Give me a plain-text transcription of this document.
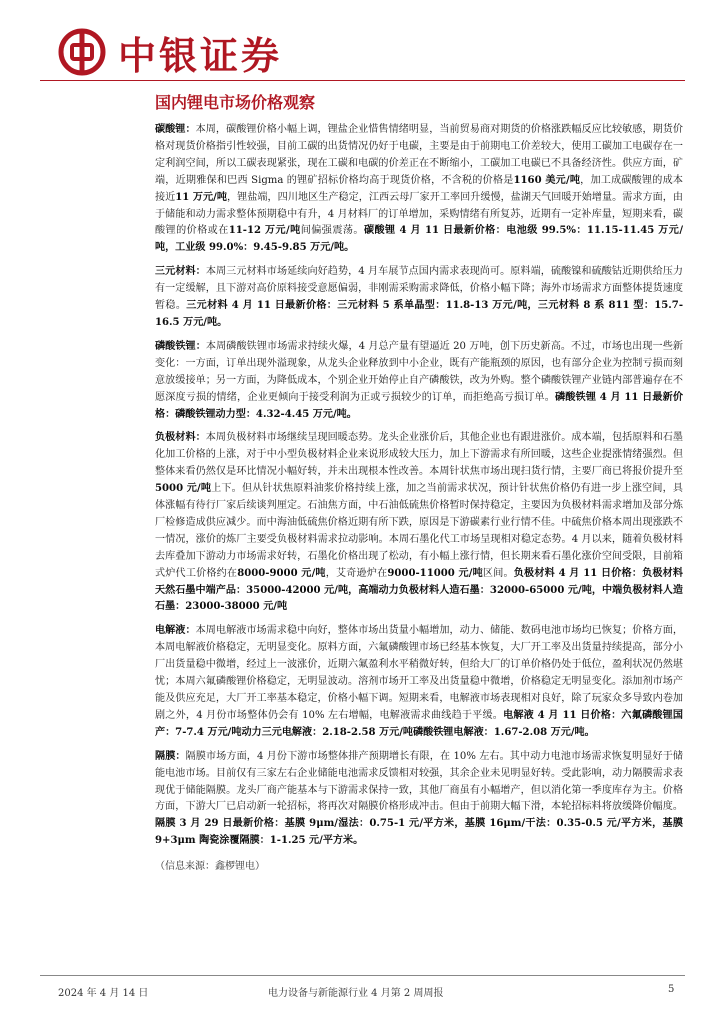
中银证券
国内锂电市场价格观察

碳酸锂：本周，碳酸锂价格小幅上调，锂盐企业惜售情绪明显，当前贸易商对期货的价格涨跌幅反应比较敏感，期货价格对现货价格指引性较强，目前工碳的出货情况仍好于电碳，主要是由于前期电工价差较大，使用工碳加工电碳存在一定利润空间，所以工碳表现紧张，现在工碳和电碳的价差正在不断缩小，工碳加工电碳已不具备经济性。供应方面，矿端，近期雅保和巴西 Sigma 的锂矿招标价格均高于现货价格，不含税的价格是1160 美元/吨，加工成碳酸锂的成本接近11 万元/吨，锂盐端，四川地区生产稳定，江西云母厂家开工率回升缓慢，盐湖天气回暖开始增量。需求方面，由于储能和动力需求整体预期稳中有升，4 月材料厂的订单增加，采购情绪有所复苏，近期有一定补库量，短期来看，碳酸锂的价格或在11-12 万元/吨间偏强震荡。碳酸锂 4 月 11 日最新价格：电池级 99.5%：11.15-11.45 万元/吨，工业级 99.0%：9.45-9.85 万元/吨。

三元材料：本周三元材料市场延续向好趋势，4 月车展节点国内需求表现尚可。原料端，硫酸镍和硫酸钴近期供给压力有一定缓解，且下游对高价原料接受意愿偏弱，非刚需采购需求降低，价格小幅下降；海外市场需求方面整体提货速度暂稳。三元材料 4 月 11 日最新价格：三元材料 5 系单晶型：11.8-13 万元/吨，三元材料 8 系 811 型：15.7-16.5 万元/吨。

磷酸铁锂：本周磷酸铁锂市场需求持续火爆，4 月总产量有望逼近 20 万吨，创下历史新高。不过，市场也出现一些新变化：一方面，订单出现外溢现象，从龙头企业释放到中小企业，既有产能瓶颈的原因，也有部分企业为控制亏损而刻意放缓接单；另一方面，为降低成本，个别企业开始停止自产磷酸铁，改为外购。整个磷酸铁锂产业链内部普遍存在不愿深度亏损的情绪，企业更倾向于接受利润为正或亏损较少的订单，而拒绝高亏损订单。磷酸铁锂 4 月 11 日最新价格：磷酸铁锂动力型：4.32-4.45 万元/吨。

负极材料：本周负极材料市场继续呈现回暖态势。龙头企业涨价后，其他企业也有跟进涨价。成本端，包括原料和石墨化加工价格的上涨，对于中小型负极材料企业来说形成较大压力，加上下游需求有所回暖，这些企业提涨情绪强烈。但整体来看仍然仅是环比情况小幅好转，并未出现根本性改善。本周针状焦市场出现扫货行情，主要厂商已将报价提升至5000 元/吨上下。但从针状焦原料油浆价格持续上涨，加之当前需求状况，预计针状焦价格仍有进一步上涨空间，具体涨幅有待行厂家后续谈判厘定。石油焦方面，中石油低硫焦价格暂时保持稳定，主要因为负极材料需求增加及部分炼厂检修造成供应减少。而中海油低硫焦价格近期有所下跌，原因是下游碳素行业行情不佳。中硫焦价格本周出现涨跌不一情况，涨价的炼厂主要受负极材料需求拉动影响。本周石墨化代工市场呈现相对稳定态势。4 月以来，随着负极材料去库叠加下游动力市场需求好转，石墨化价格出现了松动，有小幅上涨行情，但长期来看石墨化涨价空间受限，目前箱式炉代工价格约在8000-9000 元/吨，艾奇逊炉在9000-11000 元/吨区间。负极材料 4 月 11 日价格：负极材料天然石墨中端产品：35000-42000 元/吨，高端动力负极材料人造石墨：32000-65000 元/吨，中端负极材料人造石墨：23000-38000 元/吨

电解液：本周电解液市场需求稳中向好，整体市场出货量小幅增加，动力、储能、数码电池市场均已恢复；价格方面，本周电解液价格稳定，无明显变化。原料方面，六氟磷酸锂市场已经基本恢复，大厂开工率及出货量持续提高，部分小厂出货量稳中微增，经过上一波涨价，近期六氟盈利水平稍微好转，但给大厂的订单价格仍处于低位，盈利状况仍然堪忧；本周六氟磷酸锂价格稳定，无明显波动。溶剂市场开工率及出货量稳中微增，价格稳定无明显变化。添加剂市场产能及供应充足，大厂开工率基本稳定，价格小幅下调。短期来看，电解液市场表现相对良好，除了玩家众多导致内卷加剧之外，4 月份市场整体仍会有 10% 左右增幅，电解液需求曲线趋于平缓。电解液 4 月 11 日价格：六氟磷酸锂国产：7-7.4 万元/吨动力三元电解液：2.18-2.58 万元/吨磷酸铁锂电解液：1.67-2.08 万元/吨。

隔膜：隔膜市场方面，4 月份下游市场整体排产预期增长有限，在 10% 左右。其中动力电池市场需求恢复明显好于储能电池市场。目前仅有三家左右企业储能电池需求反馈相对较强，其余企业未见明显好转。受此影响，动力隔膜需求表现优于储能隔膜。龙头厂商产能基本与下游需求保持一致，其他厂商虽有小幅增产，但以消化第一季度库存为主。价格方面，下游大厂已启动新一轮招标，将再次对隔膜价格形成冲击。但由于前期大幅下滑，本轮招标料将放缓降价幅度。隔膜 3 月 29 日最新价格：基膜 9μm/湿法：0.75-1 元/平方米，基膜 16μm/干法：0.35-0.5 元/平方米，基膜 9+3μm 陶瓷涂覆隔膜：1-1.25 元/平方米。

（信息来源：鑫椤锂电）
2024 年 4 月 14 日	电力设备与新能源行业 4 月第 2 周周报	5
